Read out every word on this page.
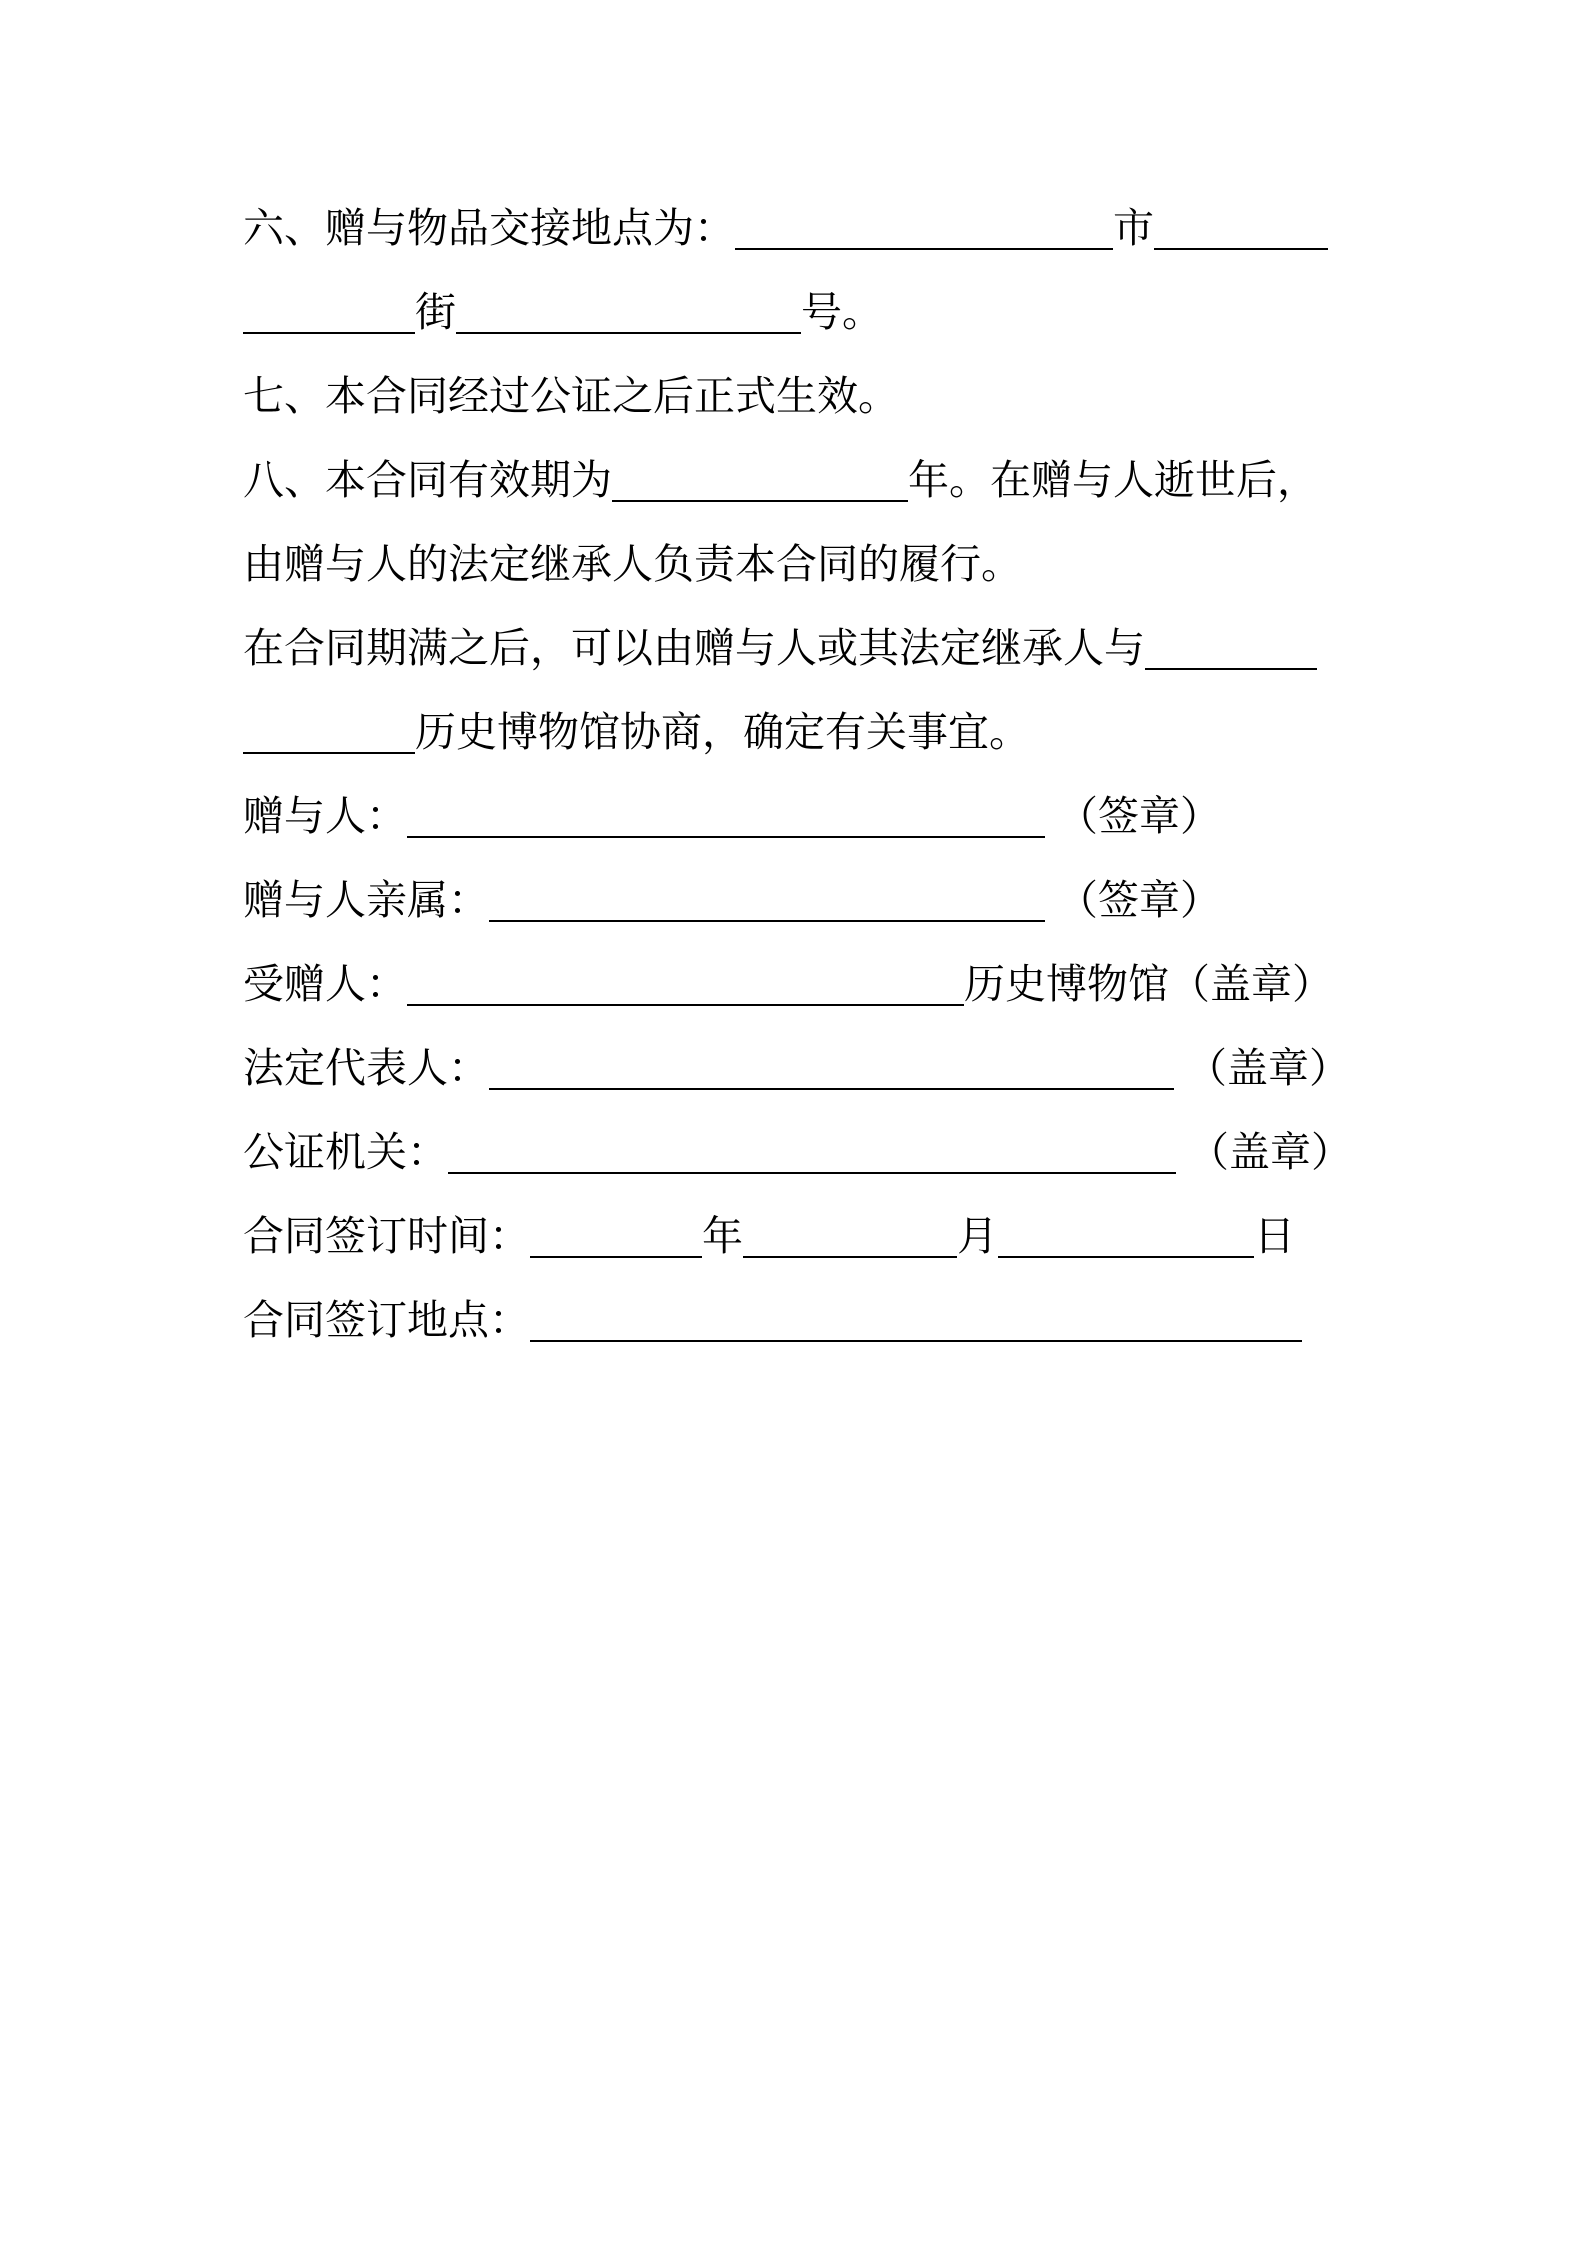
六、赠与物品交接地点为：	市
街	号。
七、本合同经过公证之后正式生效。
八、本合同有效期为	年。在赠与人逝世后，
由赠与人的法定继承人负责本合同的履行。
在合同期满之后，可以由赠与人或其法定继承人与
历史博物馆协商，确定有关事宜。
赠与人：	（签章）
赠与人亲属：	（签章）
受赠人：	历史博物馆 （盖章）
法定代表人：	（盖章）
公证机关：	（盖章）
合同签订时间：	年	月	日
合同签订地点：
